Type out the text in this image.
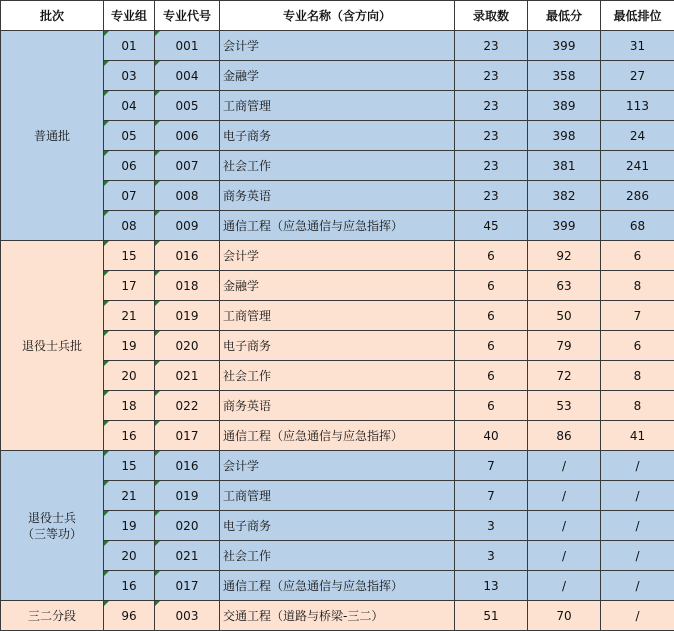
批次	专业组	专业代号	专业名称（含方向）	录取数	最低分	最低排位

普通批	01	001	会计学	23	399	31
	03	004	金融学	23	358	27
	04	005	工商管理	23	389	113
	05	006	电子商务	23	398	24
	06	007	社会工作	23	381	241
	07	008	商务英语	23	382	286
	08	009	通信工程（应急通信与应急指挥）	45	399	68

退役士兵批	15	016	会计学	6	92	6
	17	018	金融学	6	63	8
	21	019	工商管理	6	50	7
	19	020	电子商务	6	79	6
	20	021	社会工作	6	72	8
	18	022	商务英语	6	53	8
	16	017	通信工程（应急通信与应急指挥）	40	86	41

退役士兵
（三等功）	15	016	会计学	7	/	/
	21	019	工商管理	7	/	/
	19	020	电子商务	3	/	/
	20	021	社会工作	3	/	/
	16	017	通信工程（应急通信与应急指挥）	13	/	/

三二分段	96	003	交通工程（道路与桥梁-三二）	51	70	/
